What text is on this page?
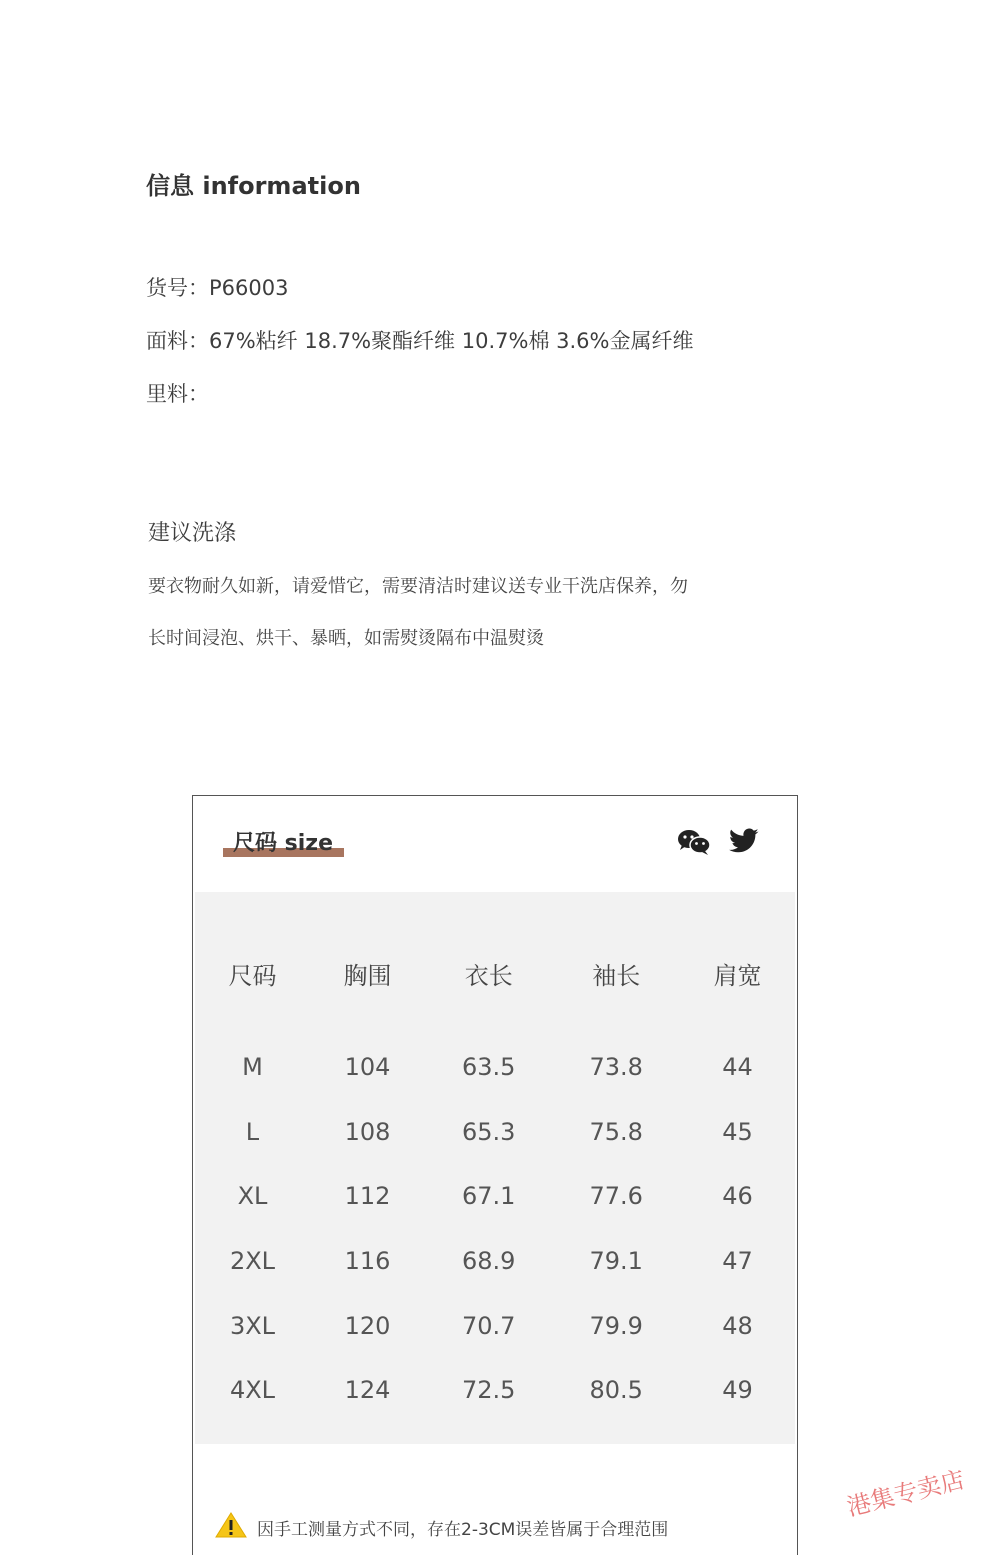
信息 information
货号：P66003
面料：67%粘纤 18.7%聚酯纤维 10.7%棉 3.6%金属纤维
里料：
建议洗涤
要衣物耐久如新，请爱惜它，需要清洁时建议送专业干洗店保养，勿
长时间浸泡、烘干、暴晒，如需熨烫隔布中温熨烫
尺码 size
尺码	胸围	衣长	袖长	肩宽

M	104	63.5	73.8	44
L	108	65.3	75.8	45
XL	112	67.1	77.6	46
2XL	116	68.9	79.1	47
3XL	120	70.7	79.9	48
4XL	124	72.5	80.5	49
因手工测量方式不同，存在2-3CM误差皆属于合理范围
港集专卖店
